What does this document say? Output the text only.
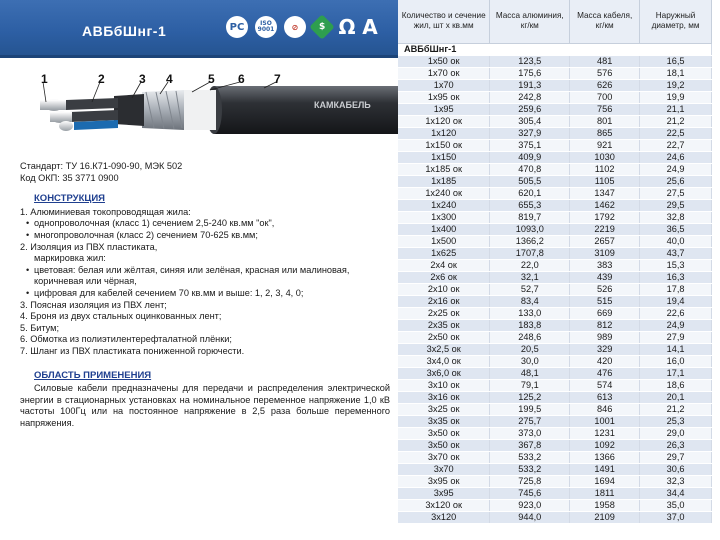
АВБбШнг-1	PC	ISO 9001	⊘ $ Ω A
КАМКАБЕЛЬ
1	2	3 4	5 6 7
Стандарт: ТУ 16.К71-090-90, МЭК 502
Код ОКП: 35 3771 0900
КОНСТРУКЦИЯ
1. Алюминиевая токопроводящая жила:
• однопроволочная (класс 1) сечением 2,5-240 кв.мм "ок",
• многопроволочная (класс 2) сечением 70-625 кв.мм;
2. Изоляция из ПВХ пластиката,
маркировка жил:
• цветовая: белая или жёлтая, синяя или зелёная, красная или малиновая, коричневая или чёрная,
• цифровая для кабелей сечением 70 кв.мм и выше: 1, 2, 3, 4, 0;
3. Поясная изоляция из ПВХ лент;
4. Броня из двух стальных оцинкованных лент;
5. Битум;
6. Обмотка из полиэтилентерефталатной плёнки;
7. Шланг из ПВХ пластиката пониженной горючести.
ОБЛАСТЬ ПРИМЕНЕНИЯ
Силовые кабели предназначены для передачи и распределения электрической энергии в стационарных установках на номинальное переменное напряжение 1,0 кВ частоты 100Гц или на постоянное напряжение в 2,5 раза больше переменного напряжения.
Количество и сечение жил, шт x кв.мм	Масса алюминия, кг/км	Масса кабеля, кг/км	Наружный диаметр, мм
АВБбШнг-1			
1x50 ок	123,5	481	16,5
1x70 ок	175,6	576	18,1
1x70	191,3	626	19,2
1x95 ок	242,8	700	19,9
1x95	259,6	756	21,1
1x120 ок	305,4	801	21,2
1x120	327,9	865	22,5
1x150 ок	375,1	921	22,7
1x150	409,9	1030	24,6
1x185 ок	470,8	1102	24,9
1x185	505,5	1105	25,6
1x240 ок	620,1	1347	27,5
1x240	655,3	1462	29,5
1x300	819,7	1792	32,8
1x400	1093,0	2219	36,5
1x500	1366,2	2657	40,0
1x625	1707,8	3109	43,7
2x4 ок	22,0	383	15,3
2x6 ок	32,1	439	16,3
2x10 ок	52,7	526	17,8
2x16 ок	83,4	515	19,4
2x25 ок	133,0	669	22,6
2x35 ок	183,8	812	24,9
2x50 ок	248,6	989	27,9
3x2,5 ок	20,5	329	14,1
3x4,0 ок	30,0	420	16,0
3x6,0 ок	48,1	476	17,1
3x10 ок	79,1	574	18,6
3x16 ок	125,2	613	20,1
3x25 ок	199,5	846	21,2
3x35 ок	275,7	1001	25,3
3x50 ок	373,0	1231	29,0
3x50 ок	367,8	1092	26,3
3x70 ок	533,2	1366	29,7
3x70	533,2	1491	30,6
3x95 ок	725,8	1694	32,3
3x95	745,6	1811	34,4
3x120 ок	923,0	1958	35,0
3x120	944,0	2109	37,0
